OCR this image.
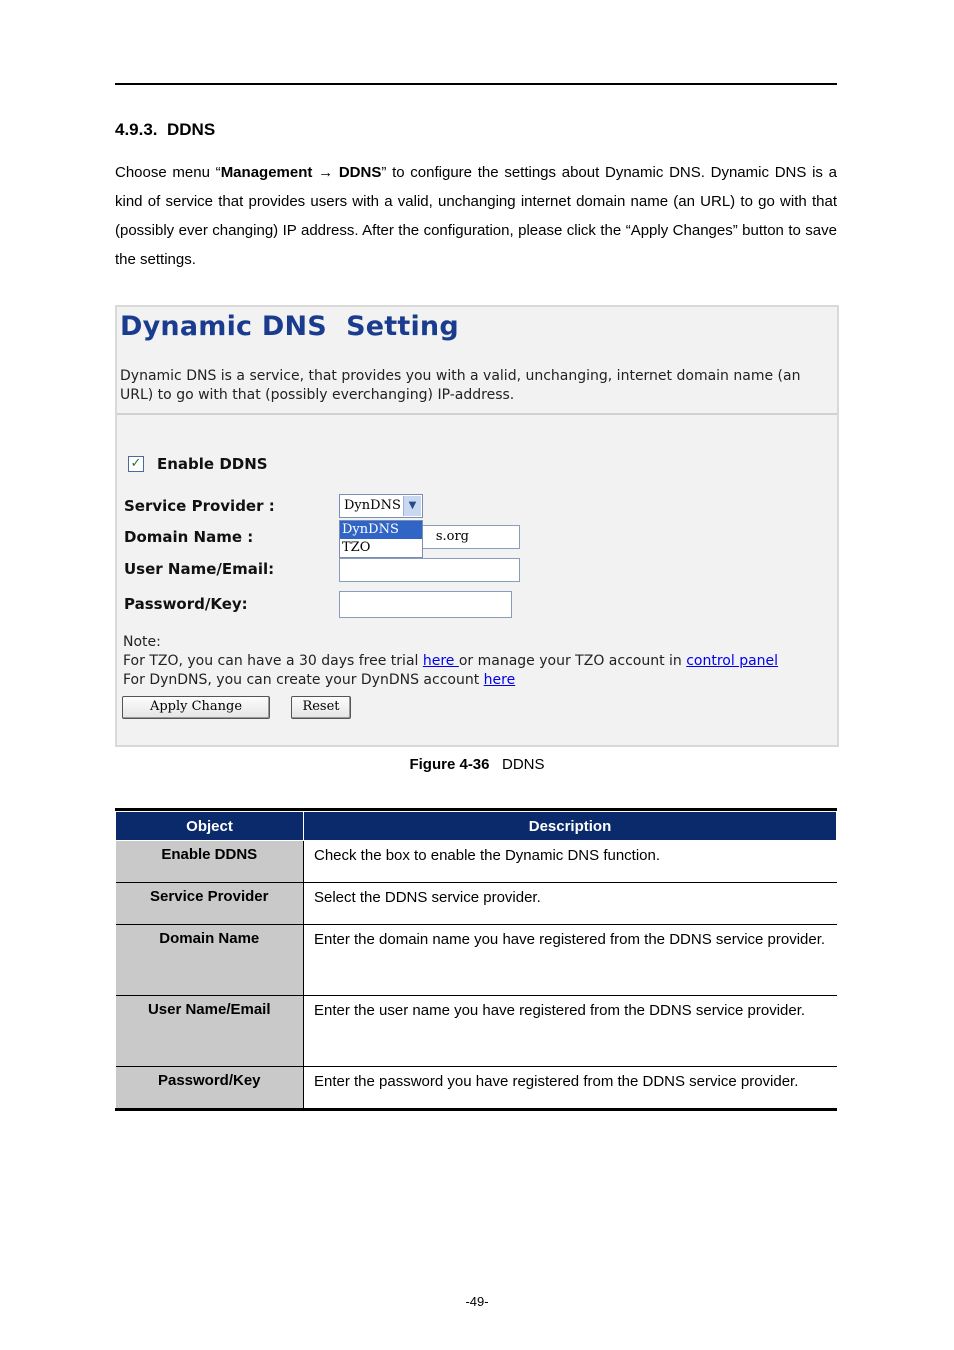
4.9.3. DDNS
Choose menu “Management → DDNS” to configure the settings about Dynamic DNS. Dynamic DNS is a kind of service that provides users with a valid, unchanging internet domain name (an URL) to go with that (possibly ever changing) IP address. After the configuration, please click the “Apply Changes” button to save the settings.
Dynamic DNS  Setting
Dynamic DNS is a service, that provides you with a valid, unchanging, internet domain name (an URL) to go with that (possibly everchanging) IP-address.
✓ Enable DDNS
Service Provider :	DynDNS ▼
DynDNS
TZO
Domain Name :	s.org
User Name/Email:
Password/Key:
Note:
For TZO, you can have a 30 days free trial here or manage your TZO account in control panel
For DynDNS, you can create your DynDNS account here
Apply Change	Reset
Figure 4-36 DDNS
Object	Description
Enable DDNS	Check the box to enable the Dynamic DNS function.

Service Provider	Select the DDNS service provider.

Domain Name	Enter the domain name you have registered from the DDNS service provider.

User Name/Email	Enter the user name you have registered from the DDNS service provider.

Password/Key	Enter the password you have registered from the DDNS service provider.
-49-
